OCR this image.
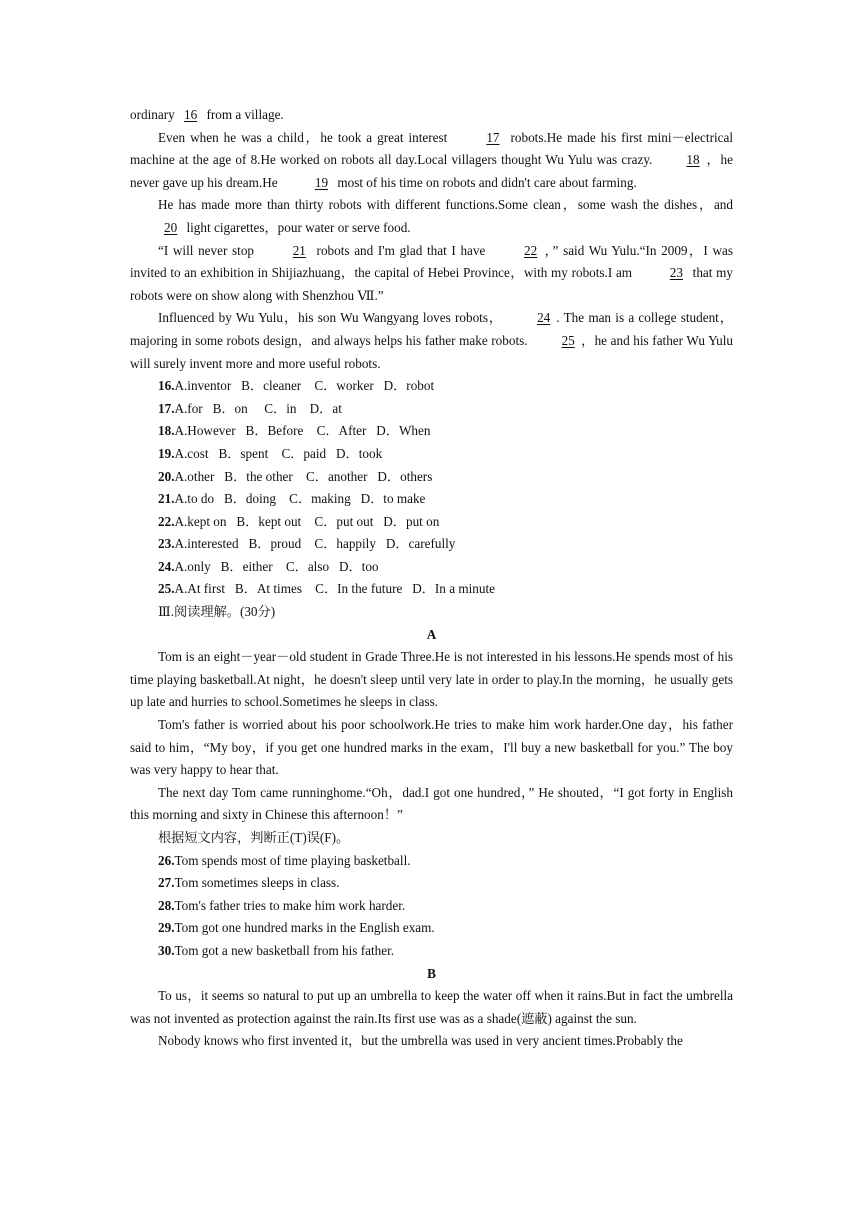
ordinary 16 from a village.

Even when he was a child，he took a great interest	17 robots.He made his first mini－electrical machine at the age of 8.He worked on robots all day.Local villagers thought Wu Yulu was crazy.	18 ，he never gave up his dream.He	19 most of his time on robots and didn't care about farming.

He has made more than thirty robots with different functions.Some clean，some wash the dishes，and 20 light cigarettes，pour water or serve food.

“I will never stop	21 robots and I'm glad that I have	22 ，” said Wu Yulu.“In 2009，I was invited to an exhibition in Shijiazhuang，the capital of Hebei Province，with my robots.I am	23 that my robots were on show along with Shenzhou Ⅶ.”

Influenced by Wu Yulu，his son Wu Wangyang loves robots，	24 . The man is a college student，majoring in some robots design，and always helps his father make robots.	25 ，he and his father Wu Yulu will surely invent more and more useful robots.

16.A.inventor   B．cleaner    C．worker   D．robot

17.A.for   B．on     C．in    D．at

18.A.However   B．Before    C．After   D．When

19.A.cost   B．spent    C．paid   D．took

20.A.other   B．the other    C．another   D．others

21.A.to do   B．doing    C．making   D．to make

22.A.kept on   B．kept out    C．put out   D．put on

23.A.interested   B．proud    C．happily   D．carefully

24.A.only   B．either    C．also   D．too

25.A.At first   B．At times    C．In the future   D．In a minute

Ⅲ.阅读理解。(30分)

A

Tom is an eight－year－old student in Grade Three.He is not interested in his lessons.He spends most of his time playing basketball.At night，he doesn't sleep until very late in order to play.In the morning，he usually gets up late and hurries to school.Sometimes he sleeps in class.

Tom's father is worried about his poor schoolwork.He tries to make him work harder.One day，his father said to him，“My boy，if you get one hundred marks in the exam，I'll buy a new basketball for you.” The boy was very happy to hear that.

The next day Tom came runninghome.“Oh，dad.I got one hundred，” He shouted，“I got forty in English this morning and sixty in Chinese this afternoon！”

根据短文内容，判断正(T)误(F)。

26.Tom spends most of time playing basketball.

27.Tom sometimes sleeps in class.

28.Tom's father tries to make him work harder.

29.Tom got one hundred marks in the English exam.

30.Tom got a new basketball from his father.

B

To us，it seems so natural to put up an umbrella to keep the water off when it rains.But in fact the umbrella was not invented as protection against the rain.Its first use was as a shade(遮蔽) against the sun.

Nobody knows who first invented it，but the umbrella was used in very ancient times.Probably the
